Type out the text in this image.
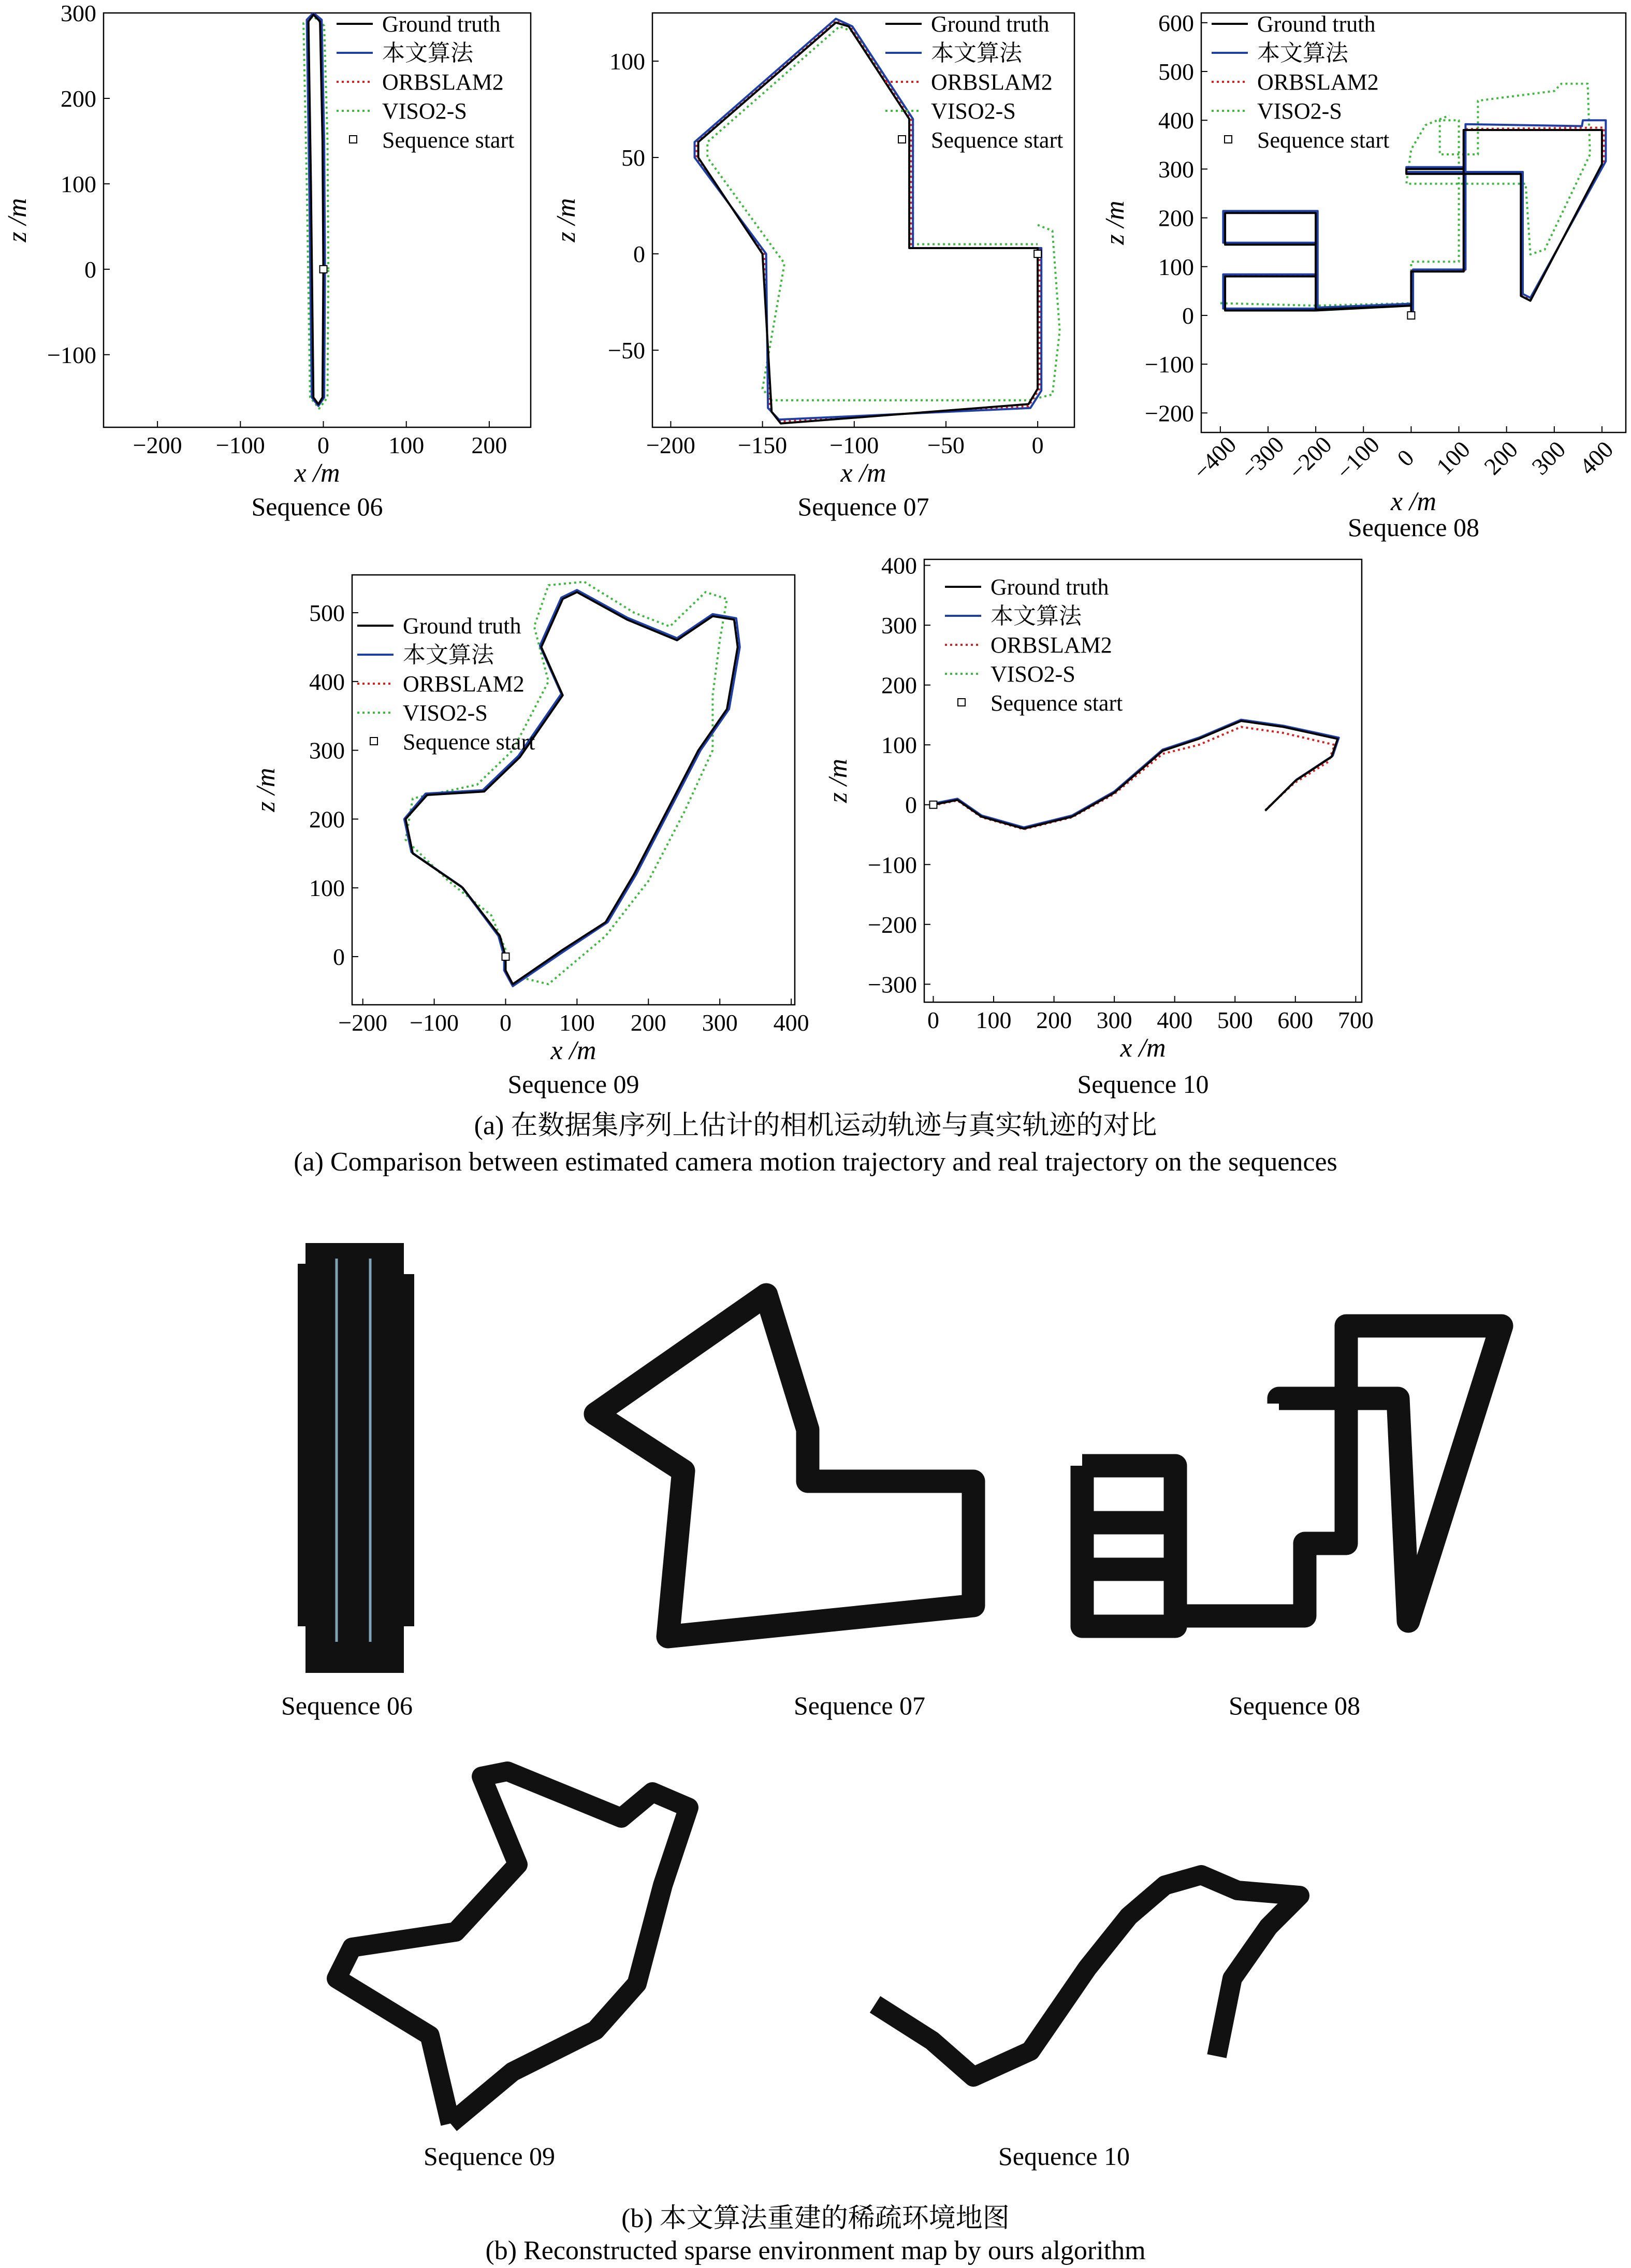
−200 −100 0 100 200
−100
0
100
200
300
x /m
z /m
Sequence 06
Ground truth
本文算法
ORBSLAM2
VISO2-S
Sequence start
−200 −150 −100 −50	0
−50
0
50
100
x /m
z /m
Sequence 07
Ground truth
本文算法
ORBSLAM2
VISO2-S
Sequence start
−400
−300
−200
−100 0 100 200 300 400
−200
−100
0
100
200
300
400
500
600
x /m
z /m
Sequence 08
Ground truth
本文算法
ORBSLAM2
VISO2-S
Sequence start
−200 −100 0 100 200 300 400
0
100
200
300
400
500
x /m
z /m
Sequence 09
Ground truth
本文算法
ORBSLAM2
VISO2-S
Sequence start
0 100 200 300 400 500 600 700
−300
−200
−100
0
100
200
300
400
x /m
z /m
Sequence 10
Ground truth
本文算法
ORBSLAM2
VISO2-S
Sequence start
(a) 在数据集序列上估计的相机运动轨迹与真实轨迹的对比
(a) Comparison between estimated camera motion trajectory and real trajectory on the sequences
Sequence 06	Sequence 07	Sequence 08
Sequence 09	Sequence 10
(b) 本文算法重建的稀疏环境地图
(b) Reconstructed sparse environment map by ours algorithm
